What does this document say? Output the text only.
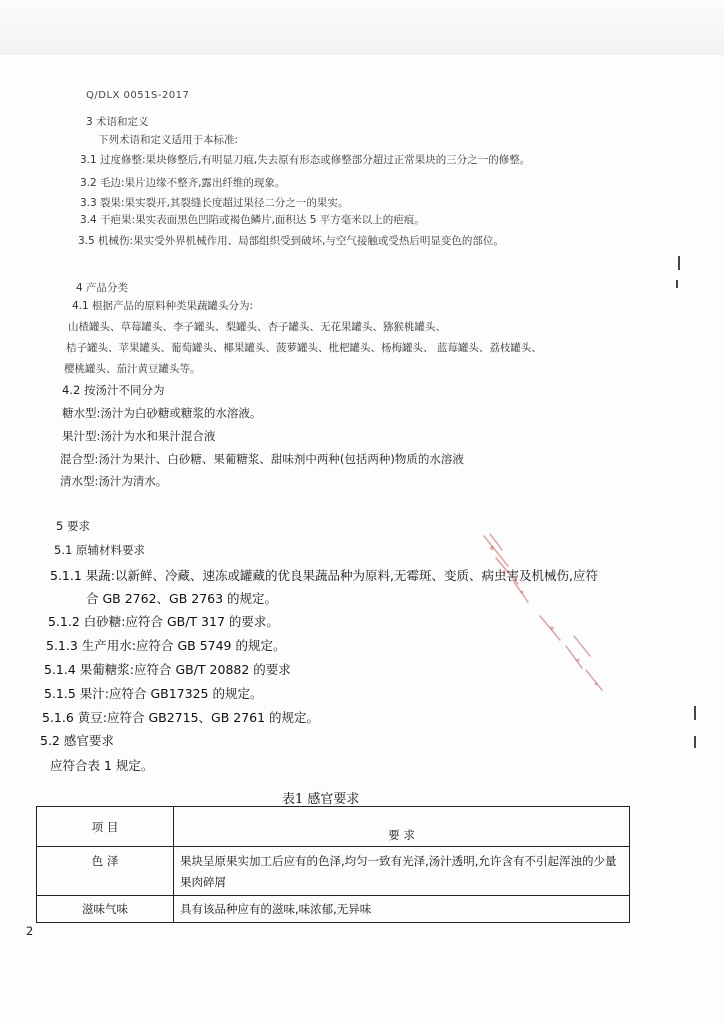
Q/DLX 0051S-2017
3 术语和定义
下列术语和定义适用于本标准:
3.1 过度修整:果块修整后,有明显刀痕,失去原有形态或修整部分超过正常果块的三分之一的修整。
3.2 毛边:果片边缘不整齐,露出纤维的现象。
3.3 裂果:果实裂开,其裂缝长度超过果径二分之一的果实。
3.4 干疤果:果实表面黑色凹陷或褐色鳞片,面积达 5 平方毫米以上的疤痕。
3.5 机械伤:果实受外界机械作用、局部组织受到破坏,与空气接触或受热后明显变色的部位。
4 产品分类
4.1 根据产品的原料种类果蔬罐头分为:
山楂罐头、草莓罐头、李子罐头、梨罐头、杏子罐头、无花果罐头、猕猴桃罐头、
桔子罐头、苹果罐头、葡萄罐头、椰果罐头、菠萝罐头、枇杷罐头、杨梅罐头、 蓝莓罐头、荔枝罐头、
樱桃罐头、茄汁黄豆罐头等。
4.2 按汤汁不同分为
糖水型:汤汁为白砂糖或糖浆的水溶液。
果汁型:汤汁为水和果汁混合液
混合型:汤汁为果汁、白砂糖、果葡糖浆、甜味剂中两种(包括两种)物质的水溶液
清水型:汤汁为清水。
5 要求
5.1 原辅材料要求
5.1.1 果蔬:以新鲜、冷藏、速冻或罐藏的优良果蔬品种为原料,无霉斑、变质、病虫害及机械伤,应符
合 GB 2762、GB 2763 的规定。
5.1.2 白砂糖:应符合 GB/T 317 的要求。
5.1.3 生产用水:应符合 GB 5749 的规定。
5.1.4 果葡糖浆:应符合 GB/T 20882 的要求
5.1.5 果汁:应符合 GB17325 的规定。
5.1.6 黄豆:应符合 GB2715、GB 2761 的规定。
5.2 感官要求
应符合表 1 规定。
表1 感官要求
项 目	要 求
色 泽	果块呈原果实加工后应有的色泽,均匀一致有光泽,汤汁透明,允许含有不引起浑浊的少量
果肉碎屑

滋味气味	具有该品种应有的滋味,味浓郁,无异味
2
